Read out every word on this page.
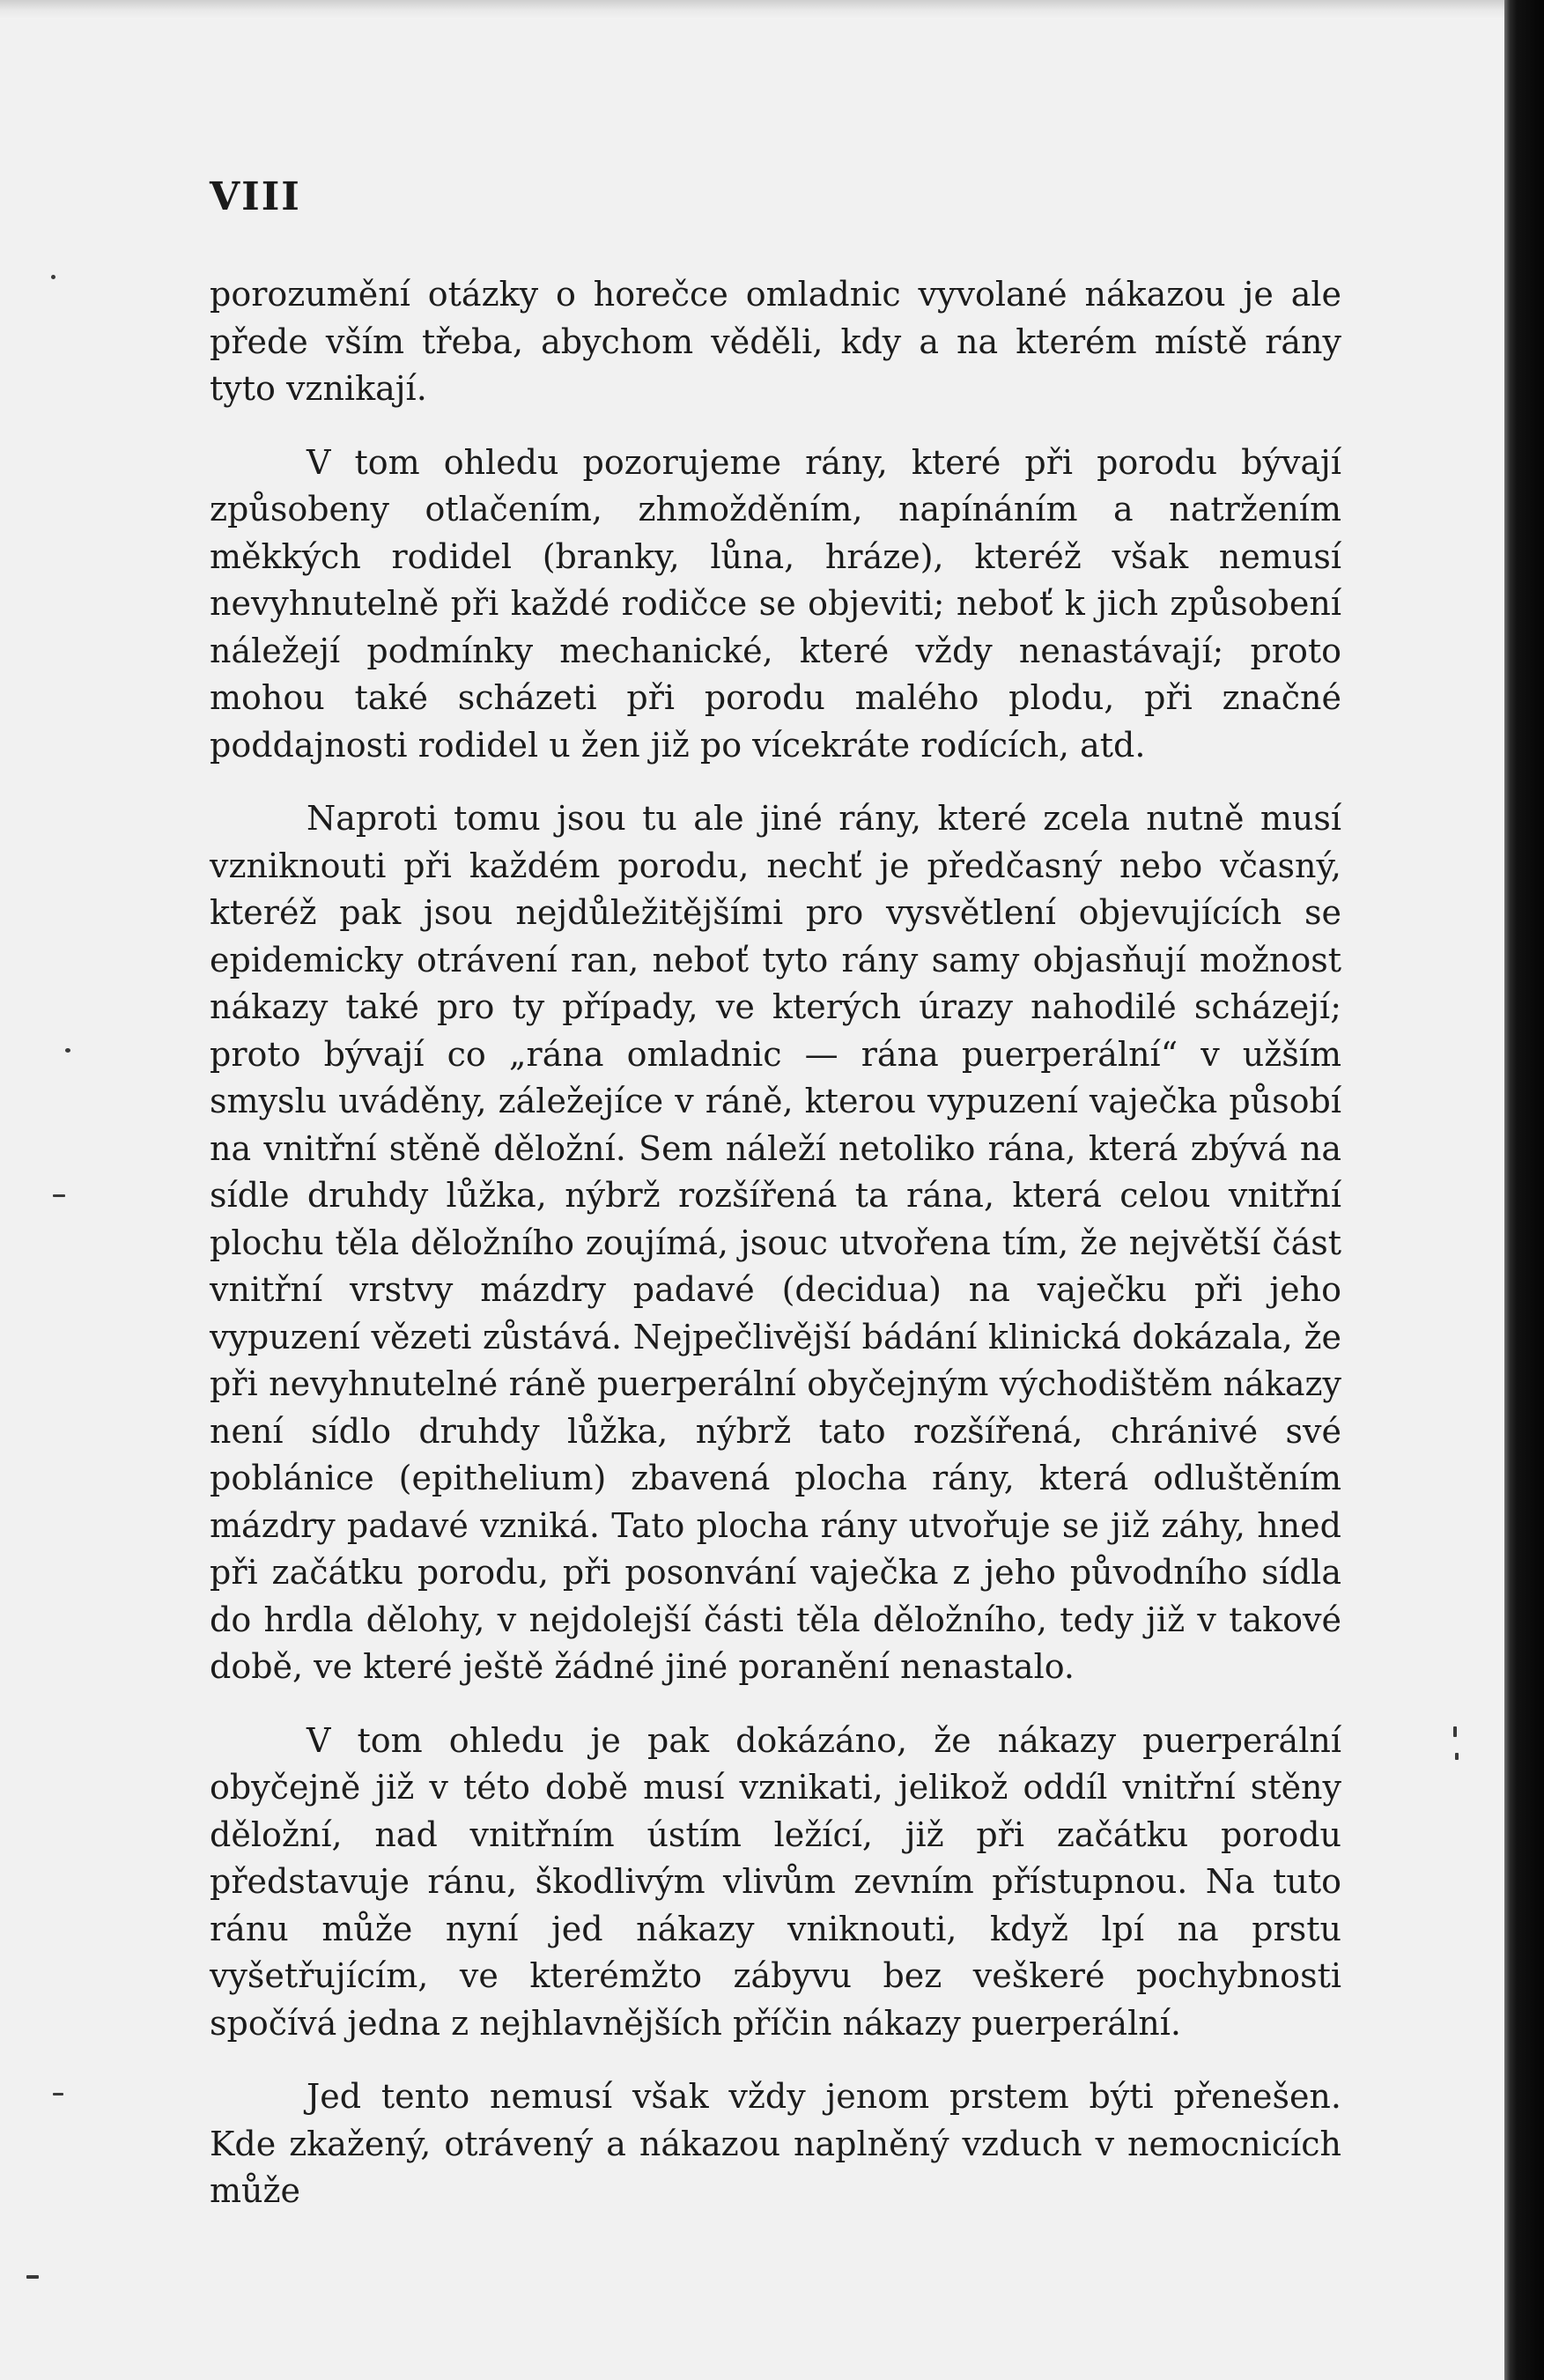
VIII

porozumění otázky o horečce omladnic vyvolané nákazou je ale přede vším třeba, abychom věděli, kdy a na kterém místě rány tyto vznikají.

V tom ohledu pozorujeme rány, které při porodu bývají způsobeny otlačením, zhmožděním, napínáním a natržením měkkých rodidel (branky, lůna, hráze), kteréž však nemusí nevyhnutelně při každé rodičce se objeviti; neboť k jich způsobení náležejí podmínky mechanické, které vždy nenastávají; proto mohou také scházeti při porodu malého plodu, při značné poddajnosti rodidel u žen již po vícekráte rodících, atd.

Naproti tomu jsou tu ale jiné rány, které zcela nutně musí vzniknouti při každém porodu, nechť je předčasný nebo včasný, kteréž pak jsou nejdůležitějšími pro vysvětlení objevujících se epidemicky otrávení ran, neboť tyto rány samy objasňují možnost nákazy také pro ty případy, ve kterých úrazy nahodilé scházejí; proto bývají co „rána omladnic — rána puerperální“ v užším smyslu uváděny, záležejíce v ráně, kterou vypuzení vaječka působí na vnitřní stěně děložní. Sem náleží netoliko rána, která zbývá na sídle druhdy lůžka, nýbrž rozšířená ta rána, která celou vnitřní plochu těla děložního zoujímá, jsouc utvořena tím, že největší část vnitřní vrstvy mázdry padavé (decidua) na vaječku při jeho vypuzení vězeti zůstává. Nejpečlivější bádání klinická dokázala, že při nevyhnutelné ráně puerperální obyčejným východištěm nákazy není sídlo druhdy lůžka, nýbrž tato rozšířená, chránivé své poblánice (epithelium) zbavená plocha rány, která odluštěním mázdry padavé vzniká. Tato plocha rány utvořuje se již záhy, hned při začátku porodu, při posonvání vaječka z jeho původního sídla do hrdla dělohy, v nejdolejší části těla děložního, tedy již v takové době, ve které ještě žádné jiné poranění nenastalo.

V tom ohledu je pak dokázáno, že nákazy puerperální obyčejně již v této době musí vznikati, jelikož oddíl vnitřní stěny děložní, nad vnitřním ústím ležící, již při začátku porodu představuje ránu, škodlivým vlivům zevním přístupnou. Na tuto ránu může nyní jed nákazy vniknouti, když lpí na prstu vyšetřujícím, ve kterémžto zábyvu bez veškeré pochybnosti spočívá jedna z nejhlavnějších příčin nákazy puerperální.

Jed tento nemusí však vždy jenom prstem býti přenešen. Kde zkažený, otrávený a nákazou naplněný vzduch v nemocnicích může
